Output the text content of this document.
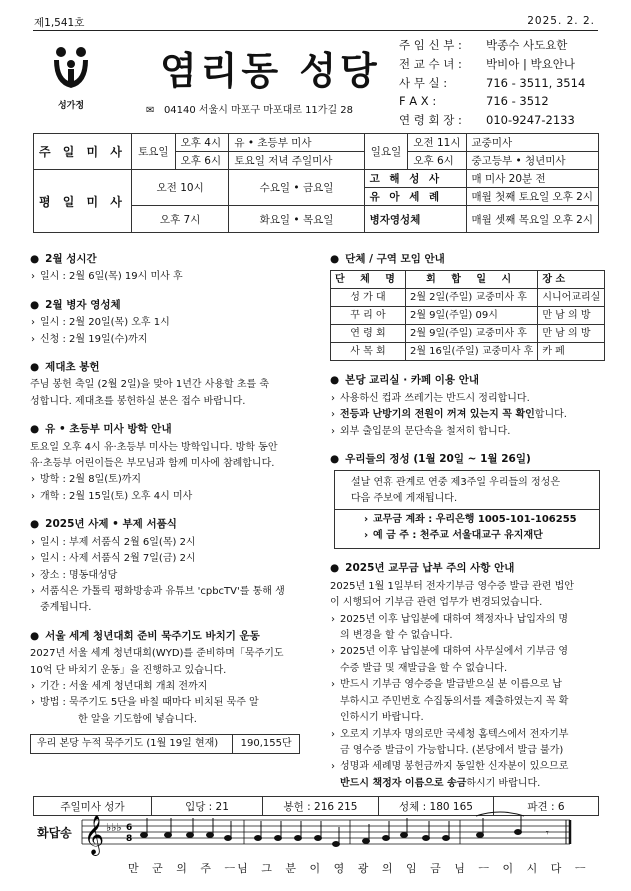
제1,541호	2025. 2. 2.
성가정
염리동 성당
✉ 04140 서울시 마포구 마포대로 11가길 28
주 임 신 부 :	박종수 사도요한
전 교 수 녀 :	박비아 | 박요안나
사 무 실 :	716 - 3511, 3514
F A X :	716 - 3512
연 령 회 장 :	010-9247-2133
주 일 미 사	토요일	오후 4시	유 • 초등부 미사	일요일	오전 11시	교중미사
		오후 6시	토요일 저녁 주일미사		오후 6시	중고등부 • 청년미사
평 일 미 사	오전 10시		수요일 • 금요일	고 해 성 사		매 미사 20분 전
				유 아 세 례		매월 첫째 토요일 오후 2시
	오후 7시		화요일 • 목요일	병자영성체		매월 셋째 목요일 오후 2시
● 2월 성시간
› 일시 : 2월 6일(목) 19시 미사 후
● 2월 병자 영성체
› 일시 : 2월 20일(목) 오후 1시
› 신청 : 2월 19일(수)까지
● 제대초 봉헌
주님 봉헌 축일 (2월 2일)을 맞아 1년간 사용할 초를 축
성합니다. 제대초를 봉헌하실 분은 접수 바랍니다.
● 유 • 초등부 미사 방학 안내
토요일 오후 4시 유·초등부 미사는 방학입니다. 방학 동안
유·초등부 어린이들은 부모님과 함께 미사에 참례합니다.
› 방학 : 2월 8일(토)까지
› 개학 : 2월 15일(토) 오후 4시 미사
● 2025년 사제 • 부제 서품식
› 일시 : 부제 서품식 2월 6일(목) 2시
› 일시 : 사제 서품식 2월 7일(금) 2시
› 장소 : 명동대성당
› 서품식은 가톨릭 평화방송과 유튜브 'cpbcTV'를 통해 생
중계됩니다.
● 서울 세계 청년대회 준비 묵주기도 바치기 운동
2027년 서울 세계 청년대회(WYD)를 준비하며「묵주기도
10억 단 바치기 운동」을 진행하고 있습니다.
› 기간 : 서울 세계 청년대회 개최 전까지
› 방법 : 묵주기도 5단을 바칠 때마다 비치된 묵주 알
한 알을 기도함에 넣습니다.
우리 본당 누적 묵주기도 (1월 19일 현재)	190,155단
● 단체 / 구역 모임 안내
단 체 명	회 합 일 시	장 소
성 가 대	2월 2일(주일) 교중미사 후	시니어교리실
꾸 리 아	2월 9일(주일) 09시	만 남 의 방
연 령 회	2월 9일(주일) 교중미사 후	만 남 의 방
사 목 회	2월 16일(주일) 교중미사 후	카 페
● 본당 교리실 · 카페 이용 안내
› 사용하신 컵과 쓰레기는 반드시 정리합니다.
› 전등과 난방기의 전원이 꺼져 있는지 꼭 확인합니다.
› 외부 출입문의 문단속을 철저히 합니다.
● 우리들의 정성 (1월 20일 ~ 1월 26일)
설날 연휴 관계로 연중 제3주일 우리들의 정성은
다음 주보에 게재됩니다.
› 교무금 계좌 : 우리은행 1005-101-106255
› 예 금 주 : 천주교 서울대교구 유지재단
● 2025년 교무금 납부 주의 사항 안내
2025년 1월 1일부터 전자기부금 영수증 발급 관련 법안
이 시행되어 기부금 관련 업무가 변경되었습니다.
› 2025년 이후 납입분에 대하여 책정자나 납입자의 명
의 변경을 할 수 없습니다.
› 2025년 이후 납입분에 대하여 사무실에서 기부금 영
수증 발급 및 재발급을 할 수 없습니다.
› 반드시 기부금 영수증을 발급받으실 분 이름으로 납
부하시고 주민번호 수집동의서를 제출하였는지 꼭 확
인하시기 바랍니다.
› 오로지 기부자 명의로만 국세청 홈텍스에서 전자기부
금 영수증 발급이 가능합니다. (본당에서 발급 불가)
› 성명과 세례명 봉헌금까지 동일한 신자분이 있으므로
반드시 책정자 이름으로 송금하시기 바랍니다.
주일미사 성가	입당 : 21	봉헌 : 216 215	성체 : 180 165	파견 : 6
화답송 𝄞 ♭♭♭ 6
8	𝄾
만 군 의 주 ㅡ님 그 분 이 영 광 의 임 금 님 ㅡ 이 시 다 ㅡ
